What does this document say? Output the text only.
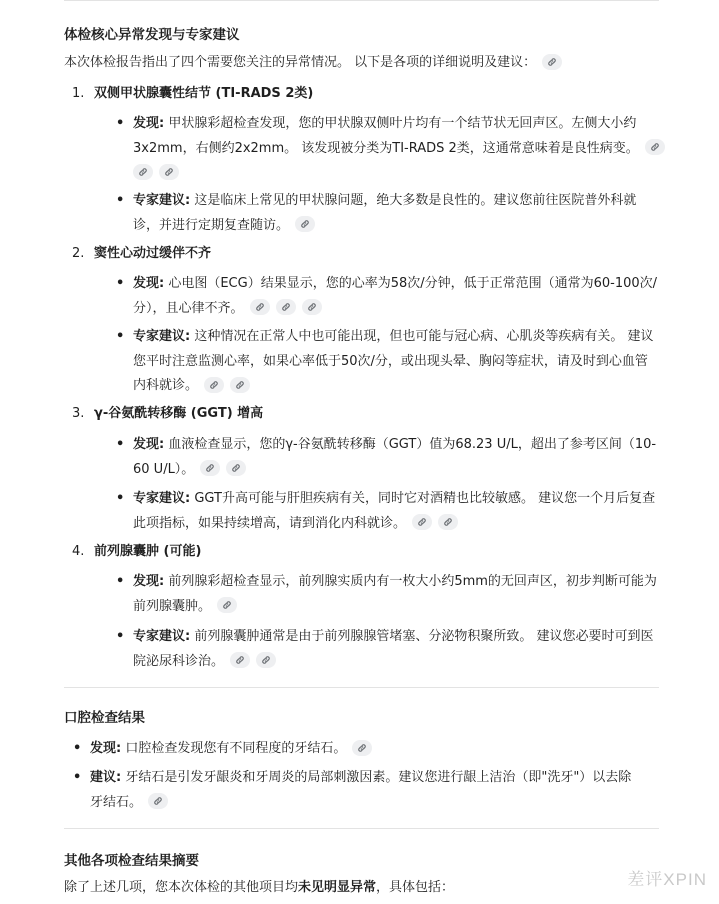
体检核心异常发现与专家建议
本次体检报告指出了四个需要您关注的异常情况。 以下是各项的详细说明及建议：
1. 双侧甲状腺囊性结节 (TI-RADS 2类)
• 发现: 甲状腺彩超检查发现，您的甲状腺双侧叶片均有一个结节状无回声区。左侧大小约
3x2mm，右侧约2x2mm。 该发现被分类为TI-RADS 2类，这通常意味着是良性病变。

• 专家建议: 这是临床上常见的甲状腺问题，绝大多数是良性的。建议您前往医院普外科就
诊，并进行定期复查随访。
2. 窦性心动过缓伴不齐
• 发现: 心电图（ECG）结果显示，您的心率为58次/分钟，低于正常范围（通常为60-100次/
分），且心律不齐。
• 专家建议: 这种情况在正常人中也可能出现，但也可能与冠心病、心肌炎等疾病有关。 建议
您平时注意监测心率，如果心率低于50次/分，或出现头晕、胸闷等症状，请及时到心血管
内科就诊。
3. γ-谷氨酰转移酶 (GGT) 增高
• 发现: 血液检查显示，您的γ-谷氨酰转移酶（GGT）值为68.23 U/L，超出了参考区间（10-
60 U/L）。
• 专家建议: GGT升高可能与肝胆疾病有关，同时它对酒精也比较敏感。 建议您一个月后复查
此项指标，如果持续增高，请到消化内科就诊。
4. 前列腺囊肿 (可能)
• 发现: 前列腺彩超检查显示，前列腺实质内有一枚大小约5mm的无回声区，初步判断可能为
前列腺囊肿。
• 专家建议: 前列腺囊肿通常是由于前列腺腺管堵塞、分泌物积聚所致。 建议您必要时可到医
院泌尿科诊治。
口腔检查结果
• 发现: 口腔检查发现您有不同程度的牙结石。
• 建议: 牙结石是引发牙龈炎和牙周炎的局部刺激因素。建议您进行龈上洁治（即"洗牙"）以去除
牙结石。
其他各项检查结果摘要
除了上述几项，您本次体检的其他项目均未见明显异常，具体包括：	差评XPIN
